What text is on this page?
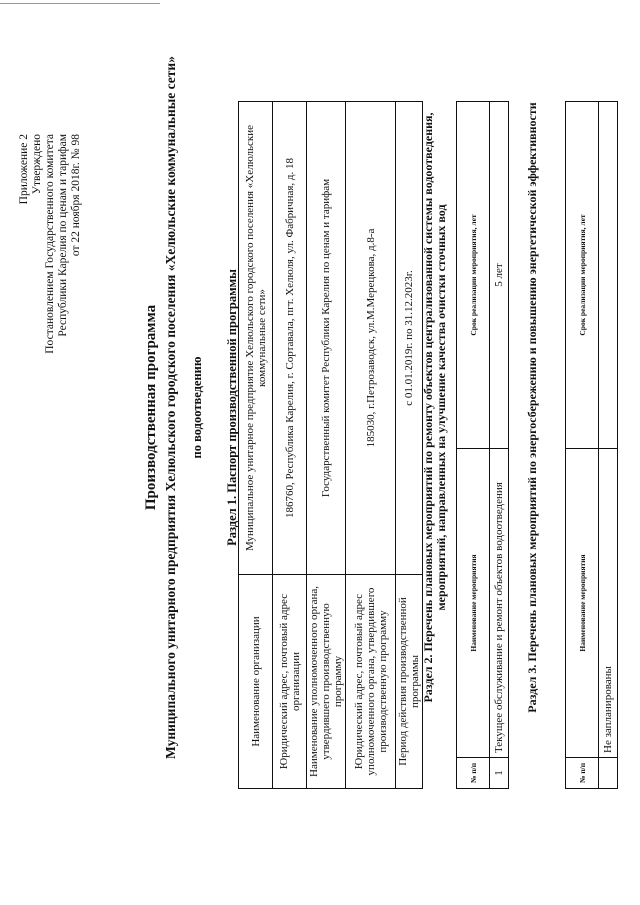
Приложение 2 Утверждено Постановлением Государственного комитета Республики Карелия по ценам и тарифам от 22 ноября 2018г. № 98
Производственная программа Муниципального унитарного предприятия Хелюльского городского поселения «Хелюльские коммунальные сети» по водоотведению Раздел 1. Паспорт производственной программы
Наименование организации	Муниципальное унитарное предприятие Хелюльского городского поселения «Хелюльские коммунальные сети»
Юридический адрес, почтовый адрес организации	186760, Республика Карелия, г. Сортавала, пгт. Хелюля, ул. Фабричная, д. 18
Наименование уполномоченного органа, утвердившего производственную программу	Государственный комитет Республики Карелия по ценам и тарифам
Юридический адрес, почтовый адрес уполномоченного органа, утвердившего производственную программу	185030, г.Петрозаводск, ул.М.Мерецкова, д.8-а
Период действия производственной программы	с 01.01.2019г. по 31.12.2023г. Раздел 2. Перечень плановых мероприятий по ремонту объектов централизованной системы водоотведения, мероприятий, направленных на улучшение качества очистки сточных вод
№ п/п	Наименование мероприятия	Срок реализации мероприятия, лет
1	Текущее обслуживание и ремонт объектов водоотведения	5 лет Раздел 3. Перечень плановых мероприятий по энергосбережению и повышению энергетической эффективности
№ п/п	Наименование мероприятия	Срок реализации мероприятия, лет
	Не запланированы	
